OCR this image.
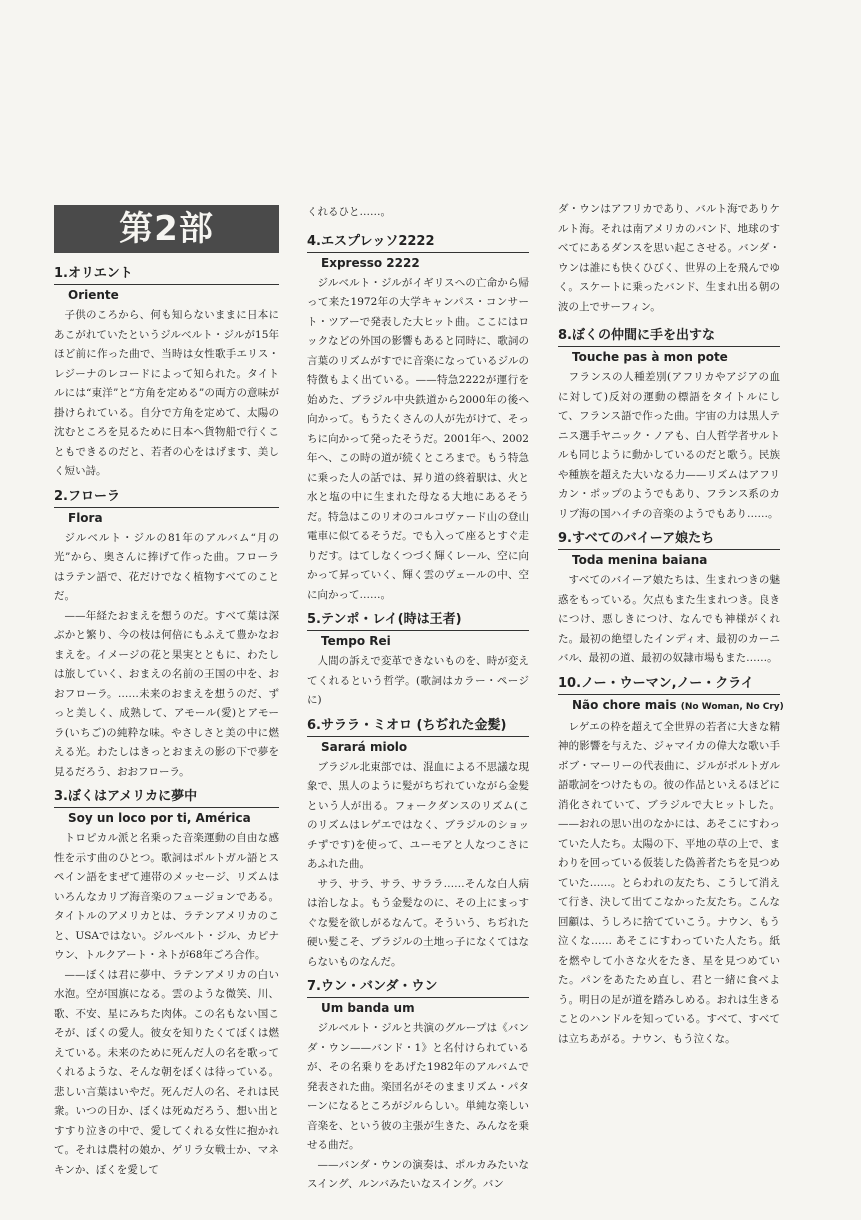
第2部
1.オリエント
Oriente

子供のころから、何も知らないままに日本にあこがれていたというジルベルト・ジルが15年ほど前に作った曲で、当時は女性歌手エリス・レジーナのレコードによって知られた。タイトルには“東洋”と“方角を定める”の両方の意味が掛けられている。自分で方角を定めて、太陽の沈むところを見るために日本へ貨物船で行くこともできるのだと、若者の心をはげます、美しく短い詩。

2.フローラ
Flora

ジルベルト・ジルの81年のアルバム“月の光”から、奥さんに捧げて作った曲。フローラはラテン語で、花だけでなく植物すべてのことだ。

——年経たおまえを想うのだ。すべて葉は深ぶかと繁り、今の枝は何倍にもふえて豊かなおまえを。イメージの花と果実とともに、わたしは旅していく、おまえの名前の王国の中を、おおフローラ。……未来のおまえを想うのだ、ずっと美しく、成熟して、アモール(愛)とアモーラ(いちご)の純粋な味。やさしさと美の中に燃える光。わたしはきっとおまえの影の下で夢を見るだろう、おおフローラ。

3.ぼくはアメリカに夢中
Soy un loco por ti, América

トロピカル派と名乗った音楽運動の自由な感性を示す曲のひとつ。歌詞はポルトガル語とスペイン語をまぜて連帯のメッセージ、リズムはいろんなカリブ海音楽のフュージョンである。タイトルのアメリカとは、ラテンアメリカのこと、USAではない。ジルベルト・ジル、カピナウン、トルクアート・ネトが68年ごろ合作。

——ぼくは君に夢中、ラテンアメリカの白い水泡。空が国旗になる。雲のような微笑、川、歌、不安、星にみちた肉体。この名もない国こそが、ぼくの愛人。彼女を知りたくてぼくは燃えている。未来のために死んだ人の名を歌ってくれるような、そんな朝をぼくは待っている。悲しい言葉はいやだ。死んだ人の名、それは民衆。いつの日か、ぼくは死ぬだろう、想い出とすすり泣きの中で、愛してくれる女性に抱かれて。それは農村の娘か、ゲリラ女戦士か、マネキンか、ぼくを愛して

くれるひと……。

4.エスプレッソ2222
Expresso 2222

ジルベルト・ジルがイギリスへの亡命から帰って来た1972年の大学キャンパス・コンサート・ツアーで発表した大ヒット曲。ここにはロックなどの外国の影響もあると同時に、歌詞の言葉のリズムがすでに音楽になっているジルの特徴もよく出ている。——特急2222が運行を始めた、ブラジル中央鉄道から2000年の後へ向かって。もうたくさんの人が先がけて、そっちに向かって発ったそうだ。2001年へ、2002年へ、この時の道が続くところまで。もう特急に乗った人の話では、昇り道の終着駅は、火と水と塩の中に生まれた母なる大地にあるそうだ。特急はこのリオのコルコヴァード山の登山電車に似てるそうだ。でも入って座るとすぐ走りだす。はてしなくつづく輝くレール、空に向かって昇っていく、輝く雲のヴェールの中、空に向かって……。

5.テンポ・レイ(時は王者)
Tempo Rei

人間の訴えで変革できないものを、時が変えてくれるという哲学。(歌詞はカラー・ページに)

6.サララ・ミオロ (ちぢれた金髪)
Sarará miolo

ブラジル北東部では、混血による不思議な現象で、黒人のように髪がちぢれていながら金髪という人が出る。フォークダンスのリズム(このリズムはレゲエではなく、ブラジルのショッチずです)を使って、ユーモアと人なつこさにあふれた曲。

サラ、サラ、サラ、サララ……そんな白人病は治しなよ。もう金髪なのに、その上にまっすぐな髪を欲しがるなんて。そういう、ちぢれた硬い髪こそ、ブラジルの土地っ子になくてはならないものなんだ。

7.ウン・バンダ・ウン
Um banda um

ジルベルト・ジルと共演のグループは《バンダ・ウン——バンド・1》と名付けられているが、その名乗りをあげた1982年のアルバムで発表された曲。楽団名がそのままリズム・パターンになるところがジルらしい。単純な楽しい音楽を、という彼の主張が生きた、みんなを乗せる曲だ。

——バンダ・ウンの演奏は、ポルカみたいなスイング、ルンバみたいなスイング。バン

ダ・ウンはアフリカであり、バルト海でありケルト海。それは南アメリカのバンド、地球のすべてにあるダンスを思い起こさせる。バンダ・ウンは誰にも快くひびく、世界の上を飛んでゆく。スケートに乗ったバンド、生まれ出る朝の波の上でサーフィン。

8.ぼくの仲間に手を出すな
Touche pas à mon pote

フランスの人種差別(アフリカやアジアの血に対して)反対の運動の標語をタイトルにして、フランス語で作った曲。宇宙の力は黒人テニス選手ヤニック・ノアも、白人哲学者サルトルも同じように動かしているのだと歌う。民族や種族を超えた大いなる力——リズムはアフリカン・ポップのようでもあり、フランス系のカリブ海の国ハイチの音楽のようでもあり……。

9.すべてのバイーア娘たち
Toda menina baiana

すべてのバイーア娘たちは、生まれつきの魅惑をもっている。欠点もまた生まれつき。良きにつけ、悪しきにつけ、なんでも神様がくれた。最初の絶望したインディオ、最初のカーニバル、最初の道、最初の奴隷市場もまた……。

10.ノー・ウーマン,ノー・クライ
Não chore mais (No Woman, No Cry)

レゲエの枠を超えて全世界の若者に大きな精神的影響を与えた、ジャマイカの偉大な歌い手ボブ・マーリーの代表曲に、ジルがポルトガル語歌詞をつけたもの。彼の作品といえるほどに消化されていて、ブラジルで大ヒットした。——おれの思い出のなかには、あそこにすわっていた人たち。太陽の下、平地の草の上で、まわりを回っている仮装した偽善者たちを見つめていた……。とらわれの友たち、こうして消えて行き、決して出てこなかった友たち。こんな回顧は、うしろに捨てていこう。ナウン、もう泣くな…… あそこにすわっていた人たち。紙を燃やして小さな火をたき、星を見つめていた。パンをあたため直し、君と一緒に食べよう。明日の足が道を踏みしめる。おれは生きることのハンドルを知っている。すべて、すべては立ちあがる。ナウン、もう泣くな。
